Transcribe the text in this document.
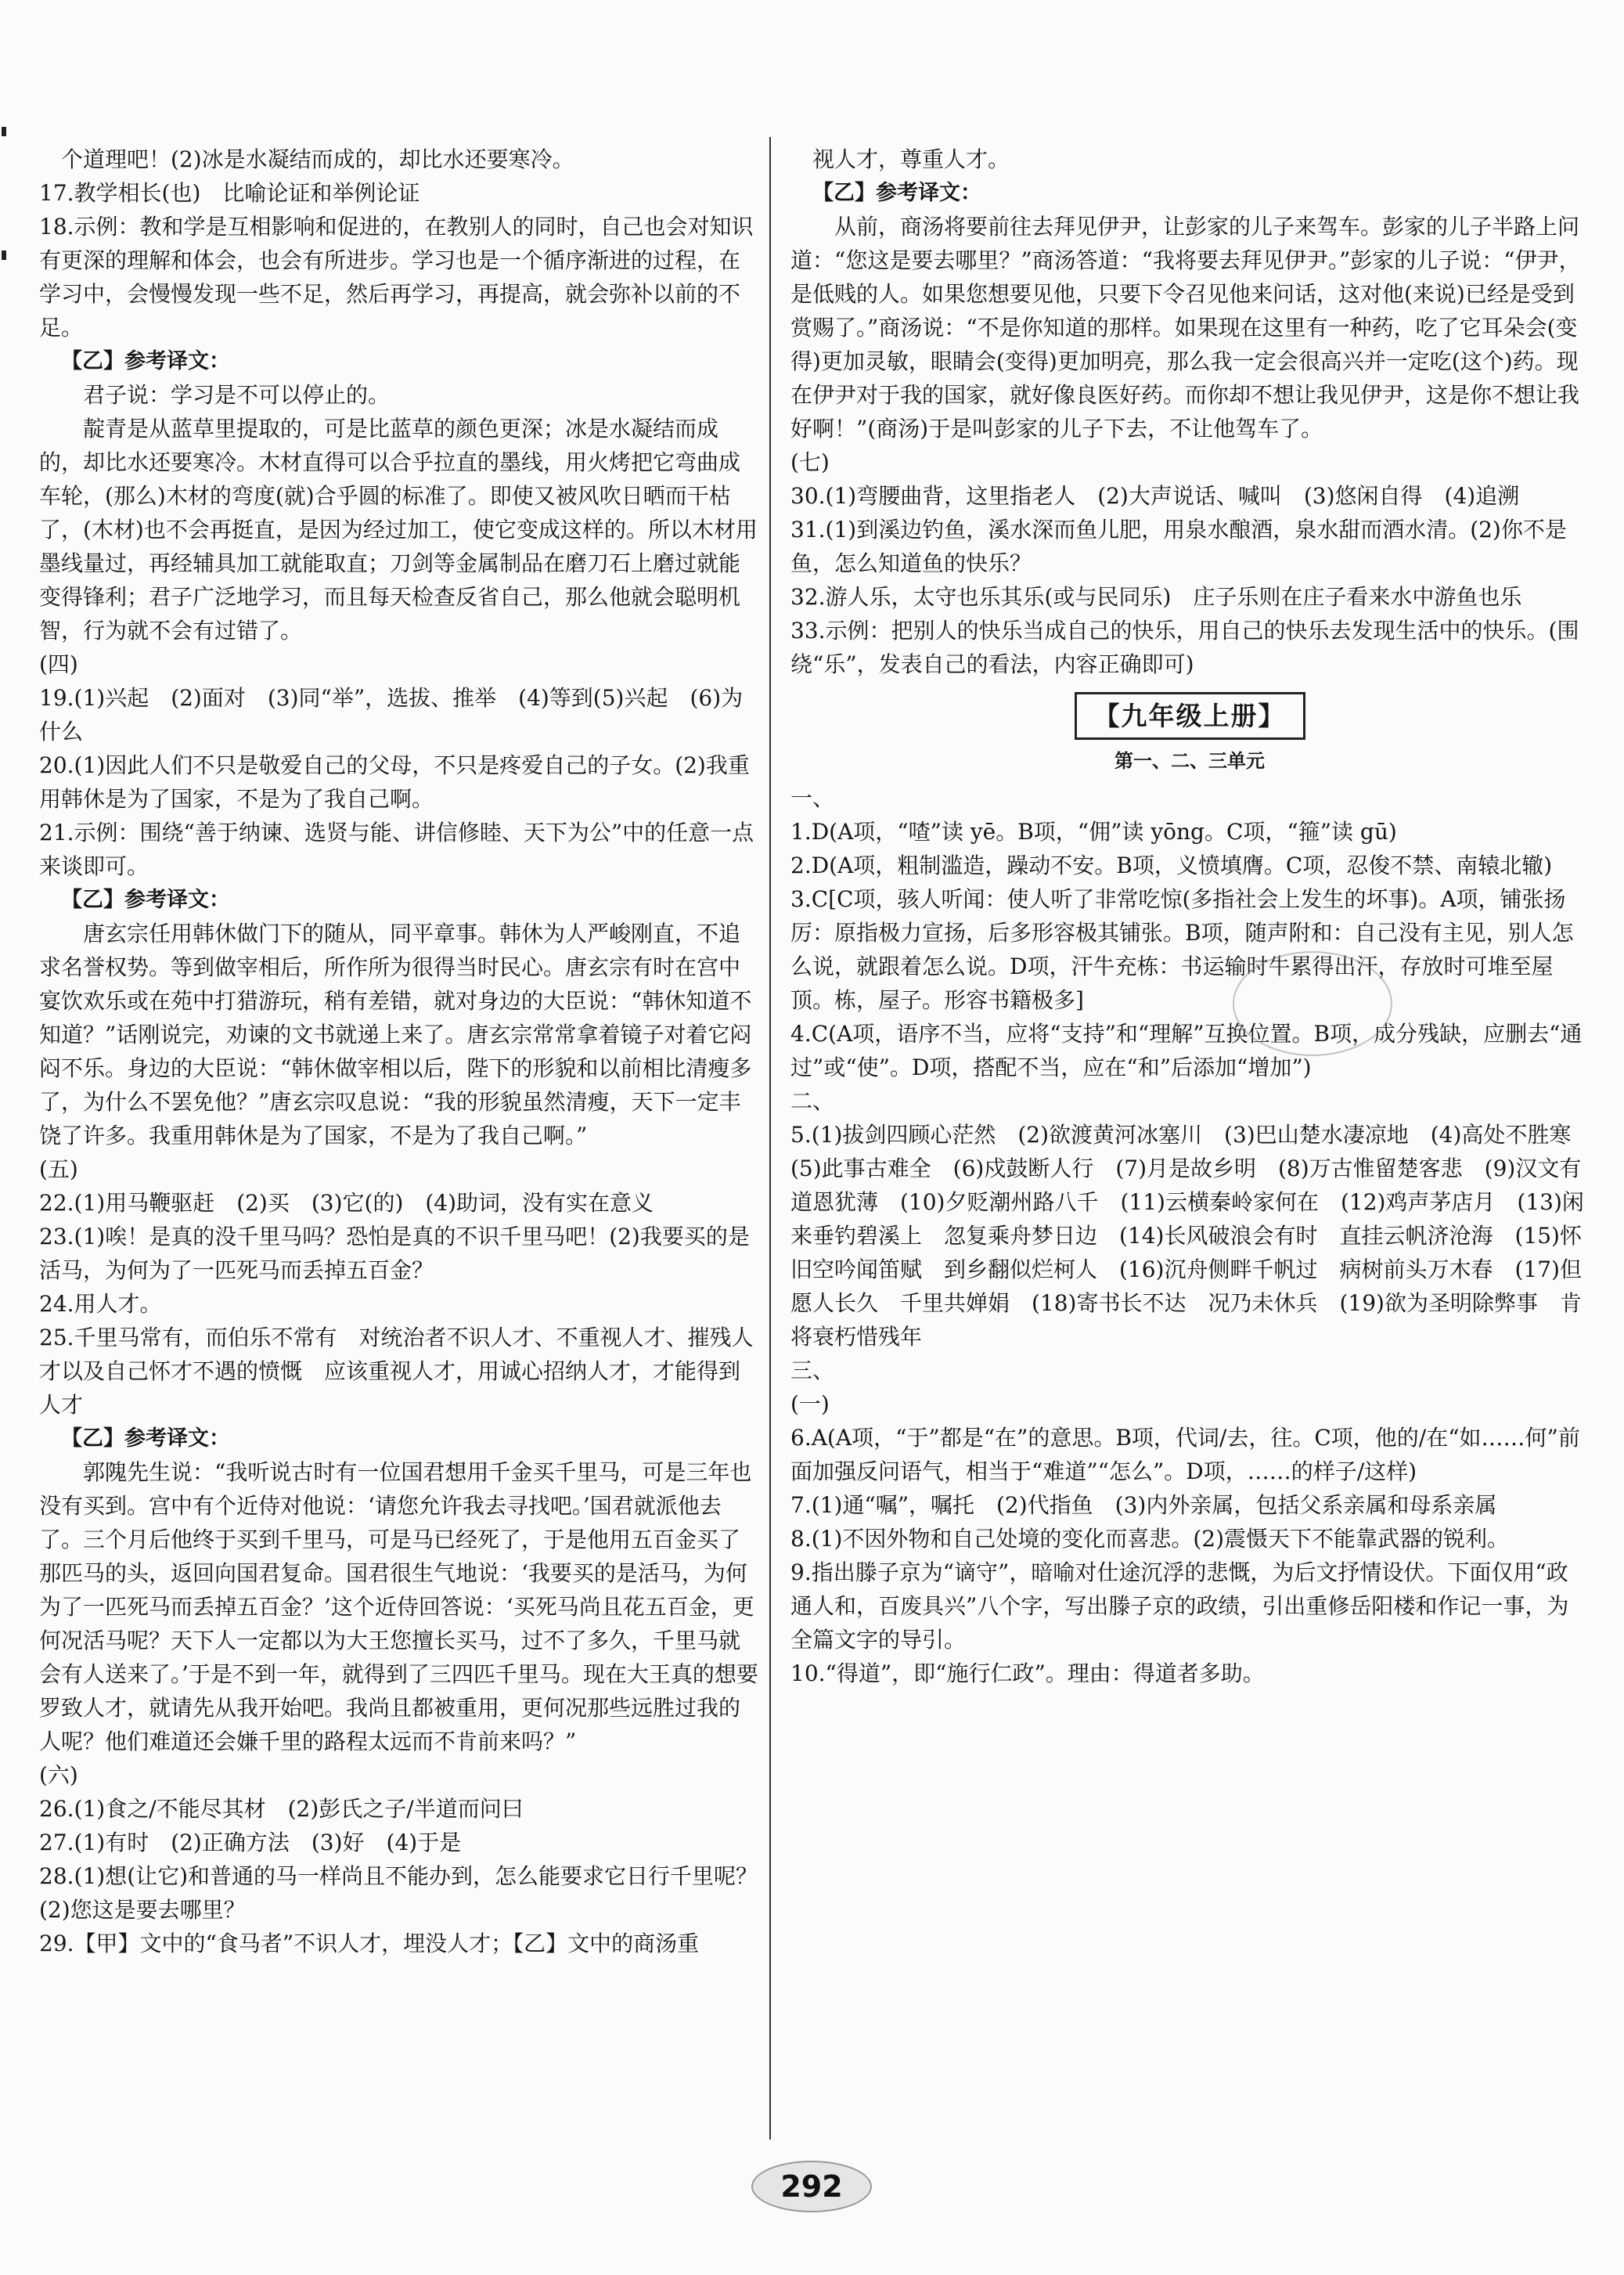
个道理吧！(2)冰是水凝结而成的，却比水还要寒冷。

17.教学相长(也)　比喻论证和举例论证

18.示例：教和学是互相影响和促进的，在教别人的同时，自己也会对知识有更深的理解和体会，也会有所进步。学习也是一个循序渐进的过程，在学习中，会慢慢发现一些不足，然后再学习，再提高，就会弥补以前的不足。

【乙】参考译文：

君子说：学习是不可以停止的。

靛青是从蓝草里提取的，可是比蓝草的颜色更深；冰是水凝结而成的，却比水还要寒冷。木材直得可以合乎拉直的墨线，用火烤把它弯曲成车轮，(那么)木材的弯度(就)合乎圆的标准了。即使又被风吹日晒而干枯了，(木材)也不会再挺直，是因为经过加工，使它变成这样的。所以木材用墨线量过，再经辅具加工就能取直；刀剑等金属制品在磨刀石上磨过就能变得锋利；君子广泛地学习，而且每天检查反省自己，那么他就会聪明机智，行为就不会有过错了。

(四)

19.(1)兴起　(2)面对　(3)同“举”，选拔、推举　(4)等到(5)兴起　(6)为什么

20.(1)因此人们不只是敬爱自己的父母，不只是疼爱自己的子女。(2)我重用韩休是为了国家，不是为了我自己啊。

21.示例：围绕“善于纳谏、选贤与能、讲信修睦、天下为公”中的任意一点来谈即可。

【乙】参考译文：

唐玄宗任用韩休做门下的随从，同平章事。韩休为人严峻刚直，不追求名誉权势。等到做宰相后，所作所为很得当时民心。唐玄宗有时在宫中宴饮欢乐或在苑中打猎游玩，稍有差错，就对身边的大臣说：“韩休知道不知道？”话刚说完，劝谏的文书就递上来了。唐玄宗常常拿着镜子对着它闷闷不乐。身边的大臣说：“韩休做宰相以后，陛下的形貌和以前相比清瘦多了，为什么不罢免他？”唐玄宗叹息说：“我的形貌虽然清瘦，天下一定丰饶了许多。我重用韩休是为了国家，不是为了我自己啊。”

(五)

22.(1)用马鞭驱赶　(2)买　(3)它(的)　(4)助词，没有实在意义

23.(1)唉！是真的没千里马吗？恐怕是真的不识千里马吧！(2)我要买的是活马，为何为了一匹死马而丢掉五百金？

24.用人才。

25.千里马常有，而伯乐不常有　对统治者不识人才、不重视人才、摧残人才以及自己怀才不遇的愤慨　应该重视人才，用诚心招纳人才，才能得到人才

【乙】参考译文：

郭隗先生说：“我听说古时有一位国君想用千金买千里马，可是三年也没有买到。宫中有个近侍对他说：‘请您允许我去寻找吧。’国君就派他去了。三个月后他终于买到千里马，可是马已经死了，于是他用五百金买了那匹马的头，返回向国君复命。国君很生气地说：‘我要买的是活马，为何为了一匹死马而丢掉五百金？’这个近侍回答说：‘买死马尚且花五百金，更何况活马呢？天下人一定都以为大王您擅长买马，过不了多久，千里马就会有人送来了。’于是不到一年，就得到了三四匹千里马。现在大王真的想要罗致人才，就请先从我开始吧。我尚且都被重用，更何况那些远胜过我的人呢？他们难道还会嫌千里的路程太远而不肯前来吗？”

(六)

26.(1)食之/不能尽其材　(2)彭氏之子/半道而问曰

27.(1)有时　(2)正确方法　(3)好　(4)于是

28.(1)想(让它)和普通的马一样尚且不能办到，怎么能要求它日行千里呢？(2)您这是要去哪里？

29.【甲】文中的“食马者”不识人才，埋没人才；【乙】文中的商汤重

视人才，尊重人才。

【乙】参考译文：

从前，商汤将要前往去拜见伊尹，让彭家的儿子来驾车。彭家的儿子半路上问道：“您这是要去哪里？”商汤答道：“我将要去拜见伊尹。”彭家的儿子说：“伊尹，是低贱的人。如果您想要见他，只要下令召见他来问话，这对他(来说)已经是受到赏赐了。”商汤说：“不是你知道的那样。如果现在这里有一种药，吃了它耳朵会(变得)更加灵敏，眼睛会(变得)更加明亮，那么我一定会很高兴并一定吃(这个)药。现在伊尹对于我的国家，就好像良医好药。而你却不想让我见伊尹，这是你不想让我好啊！”(商汤)于是叫彭家的儿子下去，不让他驾车了。

(七)

30.(1)弯腰曲背，这里指老人　(2)大声说话、喊叫　(3)悠闲自得　(4)追溯

31.(1)到溪边钓鱼，溪水深而鱼儿肥，用泉水酿酒，泉水甜而酒水清。(2)你不是鱼，怎么知道鱼的快乐？

32.游人乐，太守也乐其乐(或与民同乐)　庄子乐则在庄子看来水中游鱼也乐

33.示例：把别人的快乐当成自己的快乐，用自己的快乐去发现生活中的快乐。(围绕“乐”，发表自己的看法，内容正确即可)

【九年级上册】
第一、二、三单元

一、

1.D(A项，“喳”读 yē。B项，“佣”读 yōng。C项，“箍”读 gū)

2.D(A项，粗制滥造，躁动不安。B项，义愤填膺。C项，忍俊不禁、南辕北辙)

3.C[C项，骇人听闻：使人听了非常吃惊(多指社会上发生的坏事)。A项，铺张扬厉：原指极力宣扬，后多形容极其铺张。B项，随声附和：自己没有主见，别人怎么说，就跟着怎么说。D项，汗牛充栋：书运输时牛累得出汗，存放时可堆至屋顶。栋，屋子。形容书籍极多]

4.C(A项，语序不当，应将“支持”和“理解”互换位置。B项，成分残缺，应删去“通过”或“使”。D项，搭配不当，应在“和”后添加“增加”)

二、

5.(1)拔剑四顾心茫然　(2)欲渡黄河冰塞川　(3)巴山楚水凄凉地　(4)高处不胜寒　(5)此事古难全　(6)戍鼓断人行　(7)月是故乡明　(8)万古惟留楚客悲　(9)汉文有道恩犹薄　(10)夕贬潮州路八千　(11)云横秦岭家何在　(12)鸡声茅店月　(13)闲来垂钓碧溪上　忽复乘舟梦日边　(14)长风破浪会有时　直挂云帆济沧海　(15)怀旧空吟闻笛赋　到乡翻似烂柯人　(16)沉舟侧畔千帆过　病树前头万木春　(17)但愿人长久　千里共婵娟　(18)寄书长不达　况乃未休兵　(19)欲为圣明除弊事　肯将衰朽惜残年

三、

(一)

6.A(A项，“于”都是“在”的意思。B项，代词/去，往。C项，他的/在“如……何”前面加强反问语气，相当于“难道”“怎么”。D项，……的样子/这样)

7.(1)通“嘱”，嘱托　(2)代指鱼　(3)内外亲属，包括父系亲属和母系亲属

8.(1)不因外物和自己处境的变化而喜悲。(2)震慑天下不能靠武器的锐利。

9.指出滕子京为“谪守”，暗喻对仕途沉浮的悲慨，为后文抒情设伏。下面仅用“政通人和，百废具兴”八个字，写出滕子京的政绩，引出重修岳阳楼和作记一事，为全篇文字的导引。

10.“得道”，即“施行仁政”。理由：得道者多助。

292
